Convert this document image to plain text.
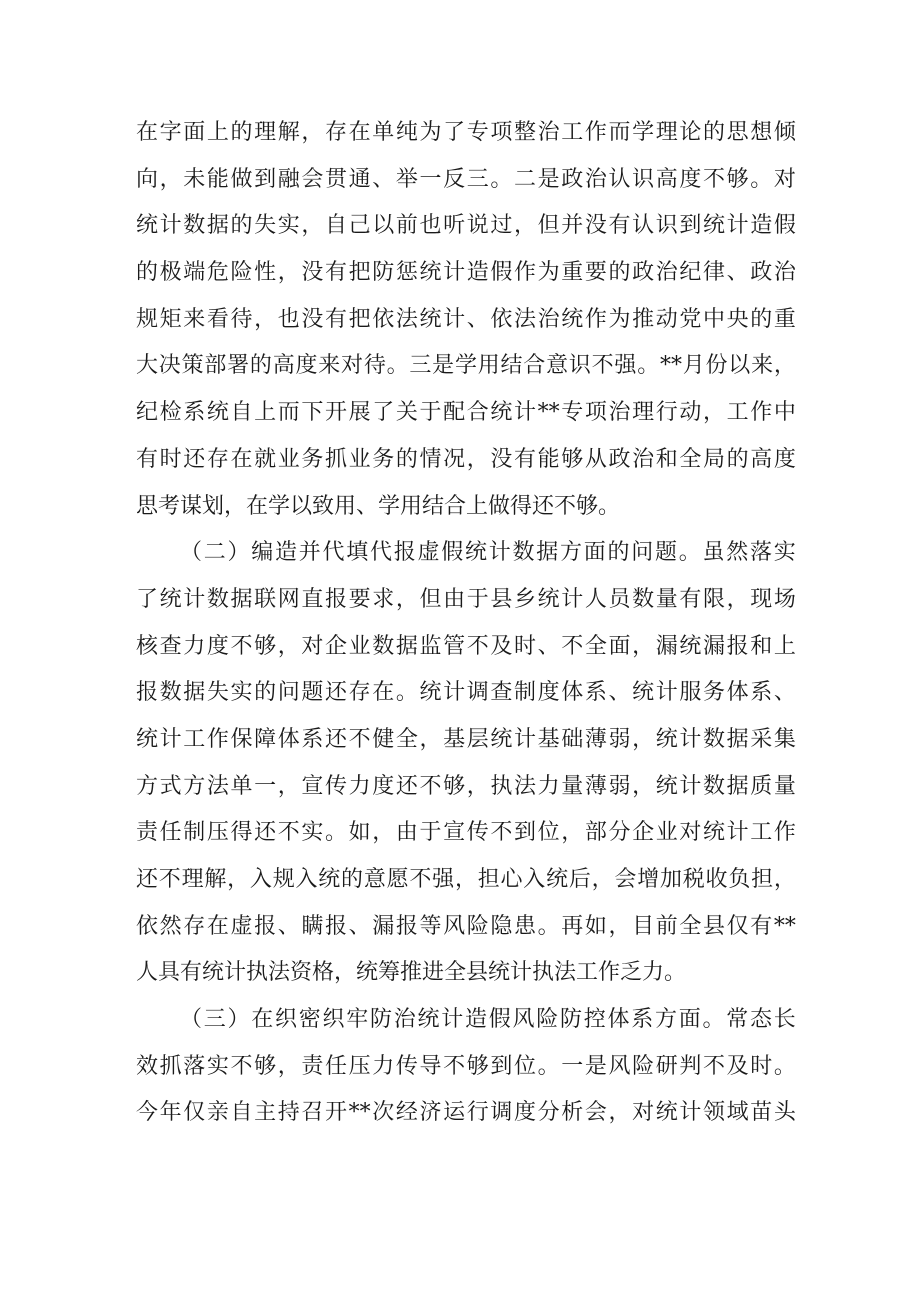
在 字 面 上 的 理 解 ， 存 在 单 纯 为 了 专 项 整 治 工 作 而 学 理 论 的 思 想 倾
向 ， 未 能 做 到 融 会 贯 通 、 举 一 反 三 。 二 是 政 治 认 识 高 度 不 够 。 对
统 计 数 据 的 失 实 ， 自 己 以 前 也 听 说 过 ， 但 并 没 有 认 识 到 统 计 造 假
的 极 端 危 险 性 ， 没 有 把 防 惩 统 计 造 假 作 为 重 要 的 政 治 纪 律 、 政 治
规 矩 来 看 待 ， 也 没 有 把 依 法 统 计 、 依 法 治 统 作 为 推 动 党 中 央 的 重
大 决 策 部 署 的 高 度 来 对 待 。 三 是 学 用 结 合 意 识 不 强 。 ** 月 份 以 来 ，
纪 检 系 统 自 上 而 下 开 展 了 关 于 配 合 统 计 ** 专 项 治 理 行 动 ， 工 作 中
有 时 还 存 在 就 业 务 抓 业 务 的 情 况 ， 没 有 能 够 从 政 治 和 全 局 的 高 度
思考谋划，在学以致用、学用结合上做得还不够。
（ 二 ） 编 造 并 代 填 代 报 虚 假 统 计 数 据 方 面 的 问 题 。 虽 然 落 实
了 统 计 数 据 联 网 直 报 要 求 ， 但 由 于 县 乡 统 计 人 员 数 量 有 限 ， 现 场
核 查 力 度 不 够 ， 对 企 业 数 据 监 管 不 及 时 、 不 全 面 ， 漏 统 漏 报 和 上
报 数 据 失 实 的 问 题 还 存 在 。 统 计 调 查 制 度 体 系 、 统 计 服 务 体 系 、
统 计 工 作 保 障 体 系 还 不 健 全 ， 基 层 统 计 基 础 薄 弱 ， 统 计 数 据 采 集
方 式 方 法 单 一 ， 宣 传 力 度 还 不 够 ， 执 法 力 量 薄 弱 ， 统 计 数 据 质 量
责 任 制 压 得 还 不 实 。 如 ， 由 于 宣 传 不 到 位 ， 部 分 企 业 对 统 计 工 作
还 不 理 解 ， 入 规 入 统 的 意 愿 不 强 ， 担 心 入 统 后 ， 会 增 加 税 收 负 担 ，
依 然 存 在 虚 报 、 瞒 报 、 漏 报 等 风 险 隐 患 。 再 如 ， 目 前 全 县 仅 有 **
人具有统计执法资格，统筹推进全县统计执法工作乏力。
（ 三 ） 在 织 密 织 牢 防 治 统 计 造 假 风 险 防 控 体 系 方 面 。 常 态 长
效 抓 落 实 不 够 ， 责 任 压 力 传 导 不 够 到 位 。 一 是 风 险 研 判 不 及 时 。
今 年 仅 亲 自 主 持 召 开 ** 次 经 济 运 行 调 度 分 析 会 ， 对 统 计 领 域 苗 头
